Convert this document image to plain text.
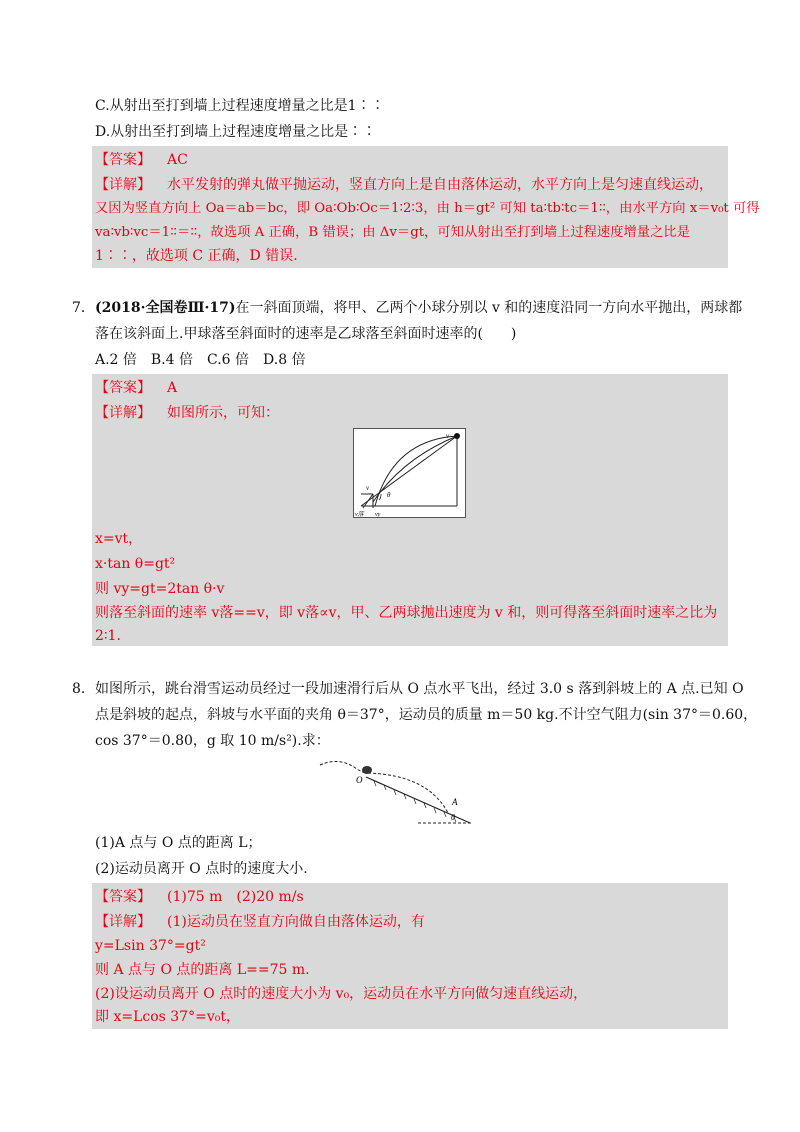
C.从射出至打到墙上过程速度增量之比是1∶∶
D.从射出至打到墙上过程速度增量之比是∶∶
【答案】 AC
【详解】 水平发射的弹丸做平抛运动，竖直方向上是自由落体运动，水平方向上是匀速直线运动，
又因为竖直方向上 Oa＝ab＝bc，即 Oa∶Ob∶Oc＝1∶2∶3，由 h＝gt² 可知 ta∶tb∶tc＝1∶∶，由水平方向 x＝v₀t 可得
va∶vb∶vc＝1∶∶＝∶∶，故选项 A 正确，B 错误；由 Δv＝gt，可知从射出至打到墙上过程速度增量之比是
1∶∶，故选项 C 正确，D 错误.
7． (2018·全国卷Ⅲ·17)在一斜面顶端，将甲、乙两个小球分别以 v 和的速度沿同一方向水平抛出，两球都
落在该斜面上.甲球落至斜面时的速率是乙球落至斜面时速率的(　　)
A.2 倍　B.4 倍　C.6 倍　D.8 倍
【答案】 A
【详解】 如图所示，可知：
x=vt，
x·tan θ=gt²
则 vy=gt=2tan θ·v
则落至斜面的速率 v落==v，即 v落∝v，甲、乙两球抛出速度为 v 和，则可得落至斜面时速率之比为
2∶1.
v
v
θ
v落 vy
8． 如图所示，跳台滑雪运动员经过一段加速滑行后从 O 点水平飞出，经过 3.0 s 落到斜坡上的 A 点.已知 O
点是斜坡的起点，斜坡与水平面的夹角 θ＝37°，运动员的质量 m＝50 kg.不计空气阻力(sin 37°＝0.60，
cos 37°＝0.80，g 取 10 m/s²).求：
O
A
θ
(1)A 点与 O 点的距离 L；
(2)运动员离开 O 点时的速度大小.
【答案】 (1)75 m　(2)20 m/s
【详解】 (1)运动员在竖直方向做自由落体运动，有
y=Lsin 37°=gt²
则 A 点与 O 点的距离 L==75 m.
(2)设运动员离开 O 点时的速度大小为 v₀，运动员在水平方向做匀速直线运动，
即 x=Lcos 37°=v₀t，
